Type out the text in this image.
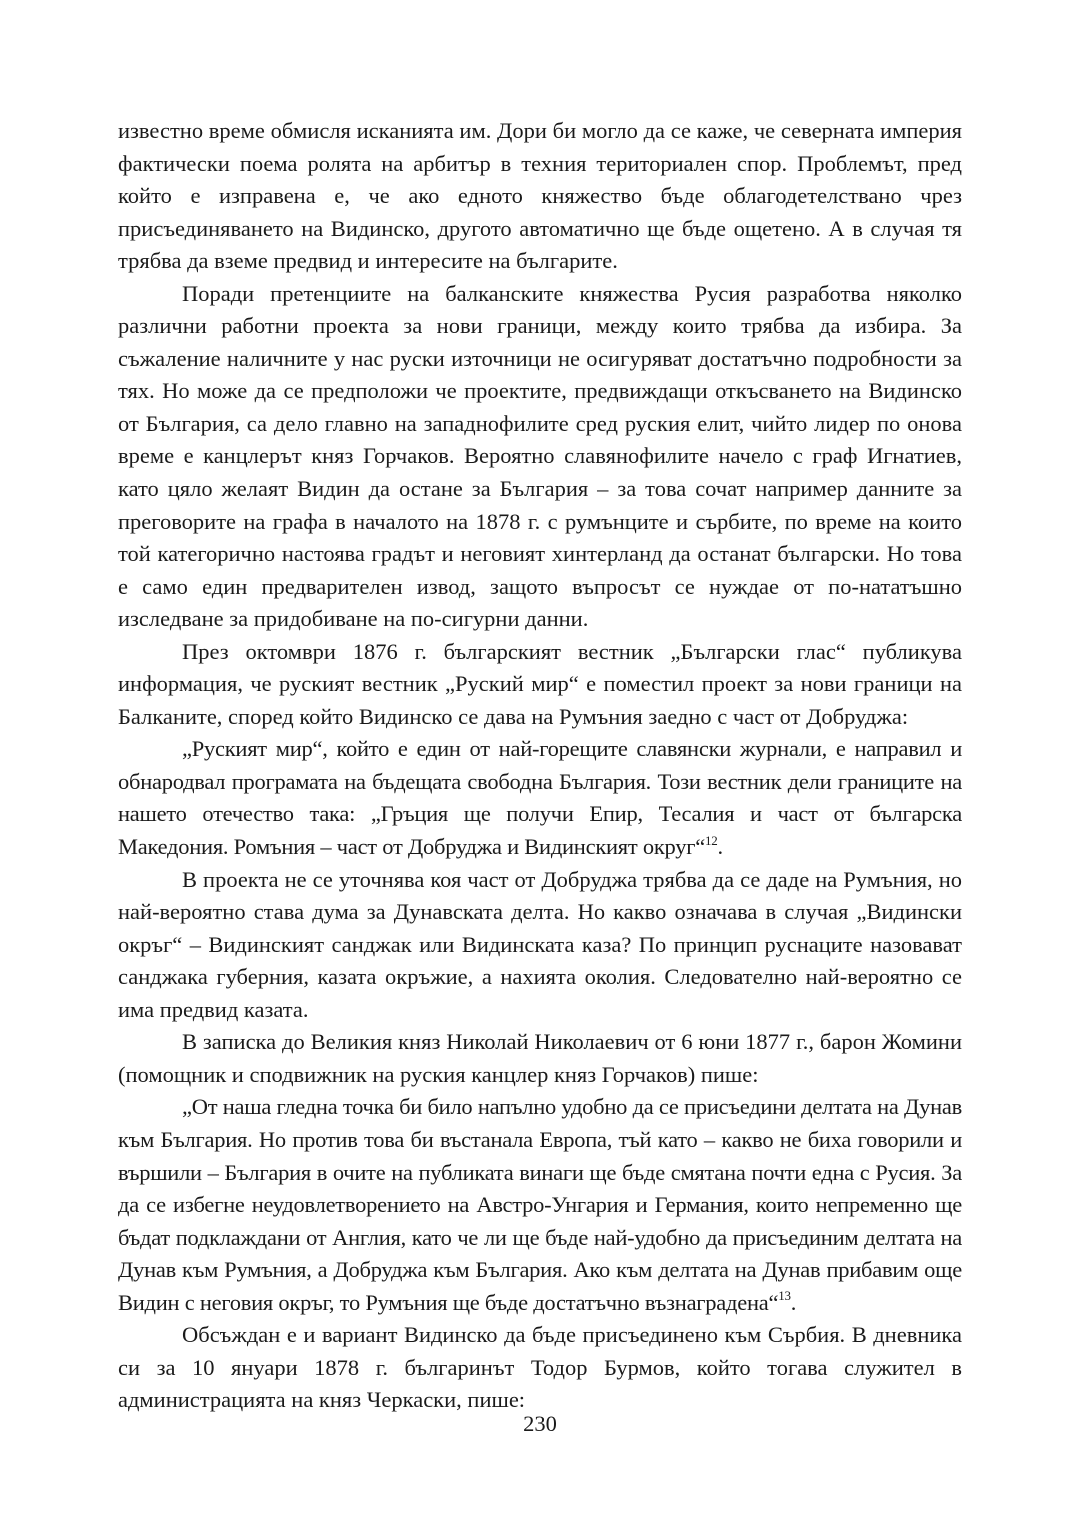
известно време обмисля исканията им. Дори би могло да се каже, че северната империя фактически поема ролята на арбитър в техния териториален спор. Проблемът, пред който е изправена е, че ако едното княжество бъде облагодетелствано чрез присъединяването на Видинско, другото автоматично ще бъде ощетено. А в случая тя трябва да вземе предвид и интересите на българите.

Поради претенциите на балканските княжества Русия разработва няколко различни работни проекта за нови граници, между които трябва да избира. За съжаление наличните у нас руски източници не осигуряват достатъчно подробности за тях. Но може да се предположи че проектите, предвиждащи откъсването на Видинско от България, са дело главно на западнофилите сред руския елит, чийто лидер по онова време е канцлерът княз Горчаков. Вероятно славянофилите начело с граф Игнатиев, като цяло желаят Видин да остане за България – за това сочат например данните за преговорите на графа в началото на 1878 г. с румънците и сърбите, по време на които той категорично настоява градът и неговият хинтерланд да останат български. Но това е само един предварителен извод, защото въпросът се нуждае от по-нататъшно изследване за придобиване на по-сигурни данни.

През октомври 1876 г. българският вестник „Български глас“ публикува информация, че руският вестник „Руский мир“ е поместил проект за нови граници на Балканите, според който Видинско се дава на Румъния заедно с част от Добруджа:

„Руският мир“, който е един от най-горещите славянски журнали, е направил и обнародвал програмата на бъдещата свободна България. Този вестник дели границите на нашето отечество така: „Гръция ще получи Епир, Тесалия и част от българска Македония. Ромъния – част от Добруджа и Видинският округ“$^{12}$.

В проекта не се уточнява коя част от Добруджа трябва да се даде на Румъния, но най-вероятно става дума за Дунавската делта. Но какво означава в случая „Видински окръг“ – Видинският санджак или Видинската каза? По принцип руснаците назовават санджака губерния, казата окръжие, а нахията околия. Следователно най-вероятно се има предвид казата.

В записка до Великия княз Николай Николаевич от 6 юни 1877 г., барон Жомини (помощник и сподвижник на руския канцлер княз Горчаков) пише:

„От наша гледна точка би било напълно удобно да се присъедини делтата на Дунав към България. Но против това би въстанала Европа, тъй като – какво не биха говорили и вършили – България в очите на публиката винаги ще бъде смятана почти една с Русия. За да се избегне неудовлетворението на Австро-Унгария и Германия, които непременно ще бъдат подклаждани от Англия, като че ли ще бъде най-удобно да присъединим делтата на Дунав към Румъния, а Добруджа към България. Ако към делтата на Дунав прибавим още Видин с неговия окръг, то Румъния ще бъде достатъчно възнаградена“$^{13}$.

Обсъждан е и вариант Видинско да бъде присъединено към Сърбия. В дневника си за 10 януари 1878 г. българинът Тодор Бурмов, който тогава служител в администрацията на княз Черкаски, пише:

230
